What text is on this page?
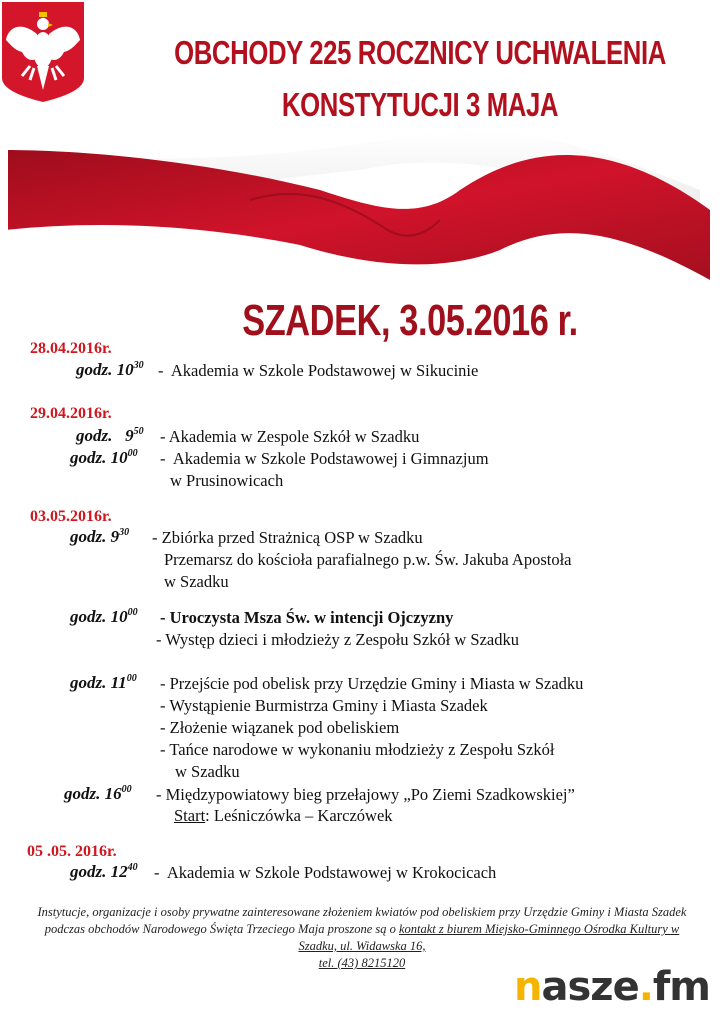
OBCHODY 225 ROCZNICY UCHWALENIA
KONSTYTUCJI 3 MAJA
SZADEK, 3.05.2016 r.
28.04.2016r.
godz. $10^{30}$ - Akademia w Szkole Podstawowej w Sikucinie
29.04.2016r.
godz. $9^{50}$ - Akademia w Zespole Szkół w Szadku
godz. $10^{00}$ - Akademia w Szkole Podstawowej i Gimnazjum
w Prusinowicach
03.05.2016r.
godz. $9^{30}$ - Zbiórka przed Strażnicą OSP w Szadku
Przemarsz do kościoła parafialnego p.w. Św. Jakuba Apostoła
w Szadku
godz. $10^{00}$ - Uroczysta Msza Św. w intencji Ojczyzny
- Występ dzieci i młodzieży z Zespołu Szkół w Szadku
godz. $11^{00}$ - Przejście pod obelisk przy Urzędzie Gminy i Miasta w Szadku
- Wystąpienie Burmistrza Gminy i Miasta Szadek
- Złożenie wiązanek pod obeliskiem
- Tańce narodowe w wykonaniu młodzieży z Zespołu Szkół
w Szadku
godz. $16^{00}$ - Międzypowiatowy bieg przełajowy „Po Ziemi Szadkowskiej”
Start: Leśniczówka – Karczówek
05 .05. 2016r.
godz. $12^{40}$ - Akademia w Szkole Podstawowej w Krokocicach
Instytucje, organizacje i osoby prywatne zainteresowane złożeniem kwiatów pod obeliskiem przy Urzędzie Gminy i Miasta Szadek podczas obchodów Narodowego Święta Trzeciego Maja proszone są o kontakt z biurem Miejsko-Gminnego Ośrodka Kultury w Szadku, ul. Widawska 16,
tel. (43) 8215120
nasze.fm
